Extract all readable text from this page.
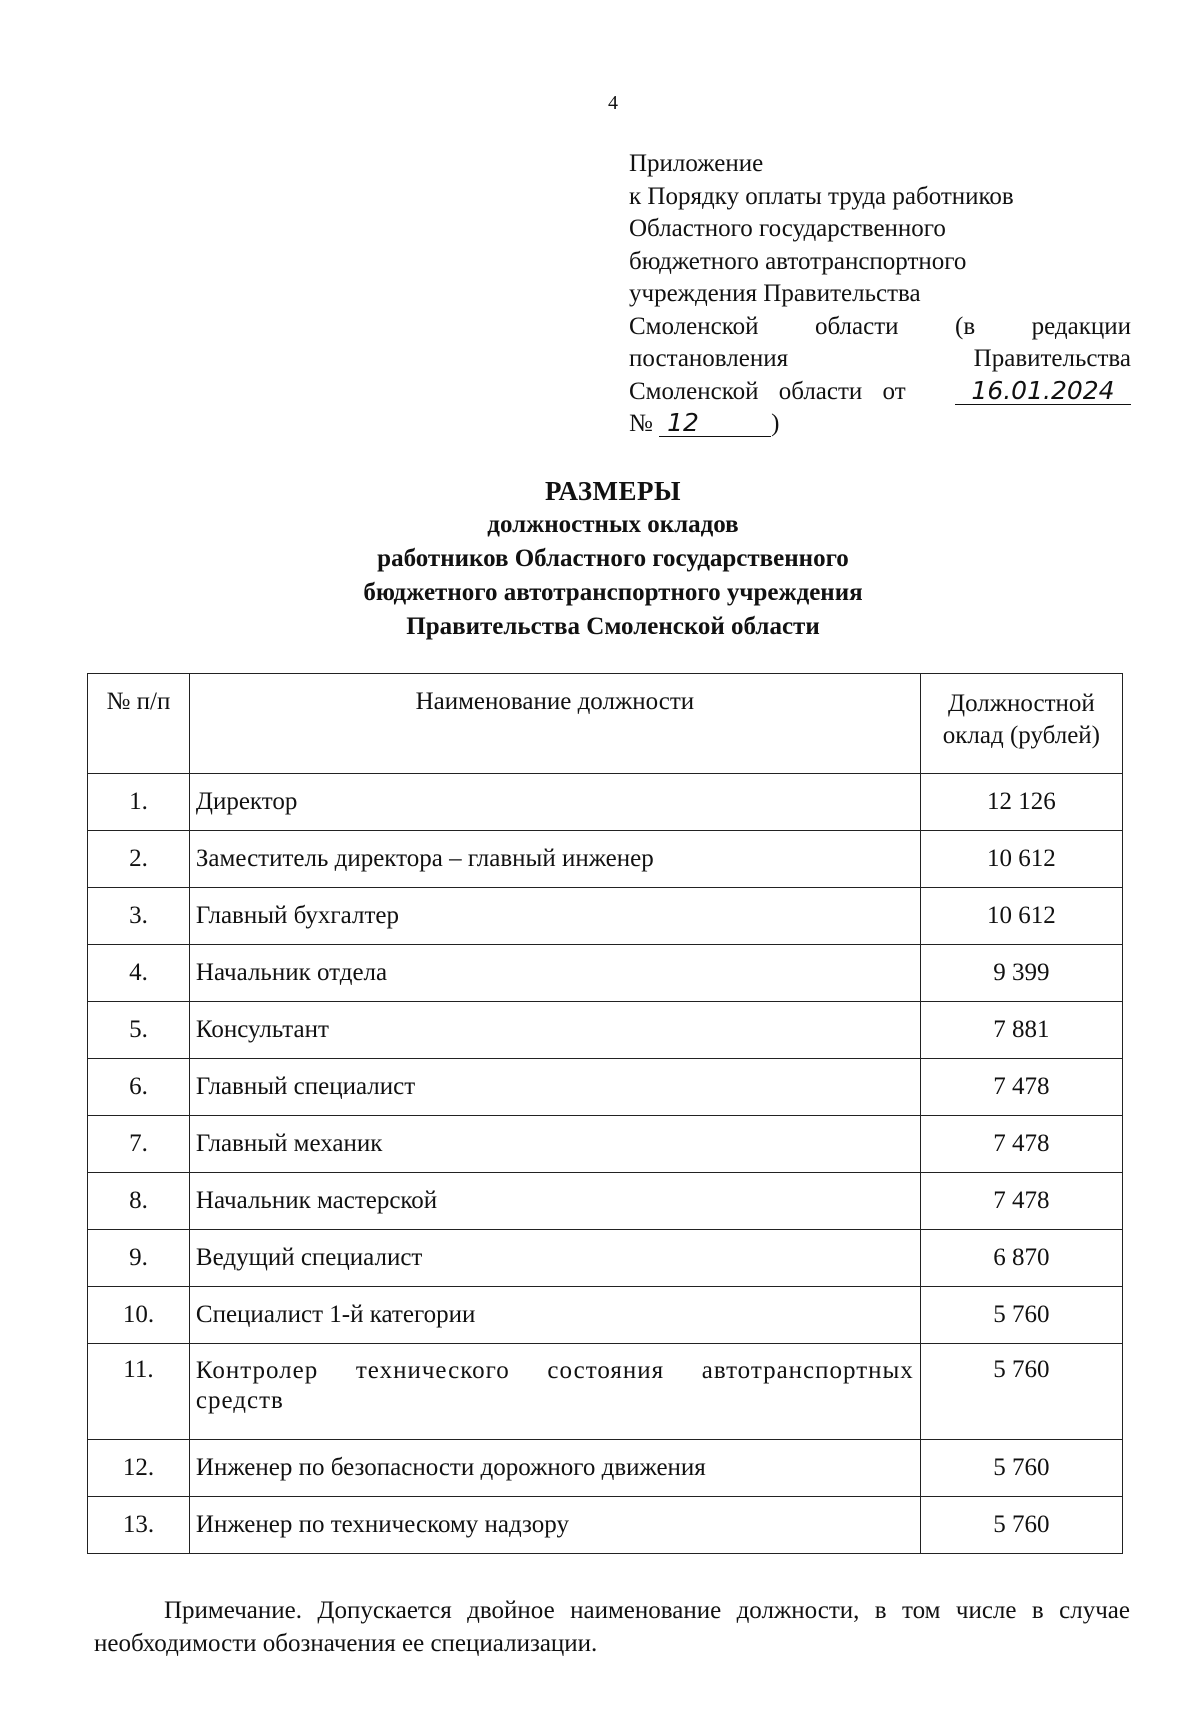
4
Приложение
к Порядку оплаты труда работников
Областного государственного
бюджетного автотранспортного
учреждения Правительства
Смоленской области (в редакции
постановления Правительства
Смоленской области от	16.01.2024
№ 12	)
РАЗМЕРЫ
должностных окладов
работников Областного государственного
бюджетного автотранспортного учреждения
Правительства Смоленской области
№ п/п	Наименование должности	Должностной
оклад (рублей)

1.	Директор	12 126
2.	Заместитель директора – главный инженер	10 612
3.	Главный бухгалтер	10 612
4.	Начальник отдела	9 399
5.	Консультант	7 881
6.	Главный специалист	7 478
7.	Главный механик	7 478
8.	Начальник мастерской	7 478
9.	Ведущий специалист	6 870
10.	Специалист 1-й категории	5 760
11.	Контролер технического состояния автотранспортных средств	5 760
12.	Инженер по безопасности дорожного движения	5 760
13.	Инженер по техническому надзору	5 760
Примечание. Допускается двойное наименование должности, в том числе в случае необходимости обозначения ее специализации.
